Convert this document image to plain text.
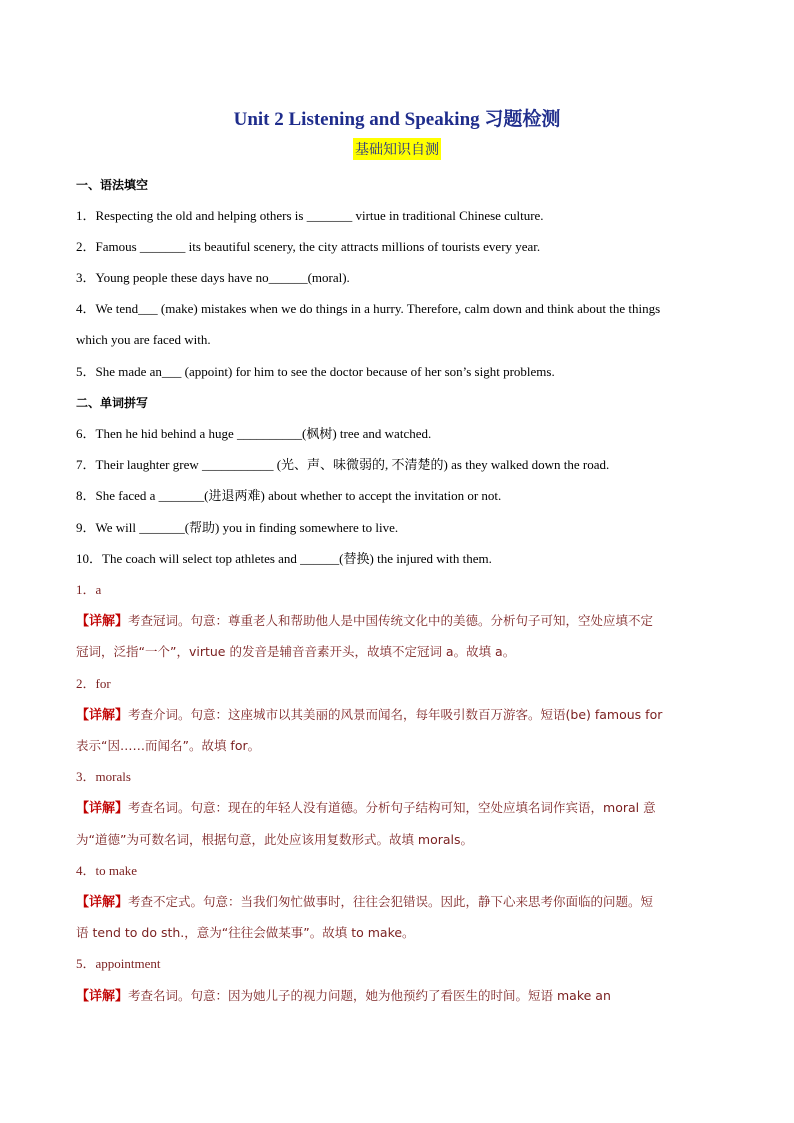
Unit 2 Listening and Speaking 习题检测
基础知识自测
一、语法填空
1．Respecting the old and helping others is _______ virtue in traditional Chinese culture.
2．Famous _______ its beautiful scenery, the city attracts millions of tourists every year.
3．Young people these days have no______(moral).
4．We tend___ (make) mistakes when we do things in a hurry. Therefore, calm down and think about the things
which you are faced with.
5．She made an___ (appoint) for him to see the doctor because of her son’s sight problems.
二、单词拼写
6．Then he hid behind a huge __________(枫树) tree and watched.
7．Their laughter grew ___________ (光、声、味微弱的, 不清楚的) as they walked down the road.
8．She faced a _______(进退两难) about whether to accept the invitation or not.
9．We will _______(帮助) you in finding somewhere to live.
10．The coach will select top athletes and ______(替换) the injured with them.
1．a
【详解】考查冠词。句意：尊重老人和帮助他人是中国传统文化中的美德。分析句子可知，空处应填不定
冠词，泛指“一个”，virtue 的发音是辅音音素开头，故填不定冠词 a。故填 a。
2．for
【详解】考查介词。句意：这座城市以其美丽的风景而闻名，每年吸引数百万游客。短语(be) famous for
表示“因……而闻名”。故填 for。
3．morals
【详解】考查名词。句意：现在的年轻人没有道德。分析句子结构可知，空处应填名词作宾语，moral 意
为“道德”为可数名词，根据句意，此处应该用复数形式。故填 morals。
4．to make
【详解】考查不定式。句意：当我们匆忙做事时，往往会犯错误。因此，静下心来思考你面临的问题。短
语 tend to do sth.，意为“往往会做某事”。故填 to make。
5．appointment
【详解】考查名词。句意：因为她儿子的视力问题，她为他预约了看医生的时间。短语 make an
